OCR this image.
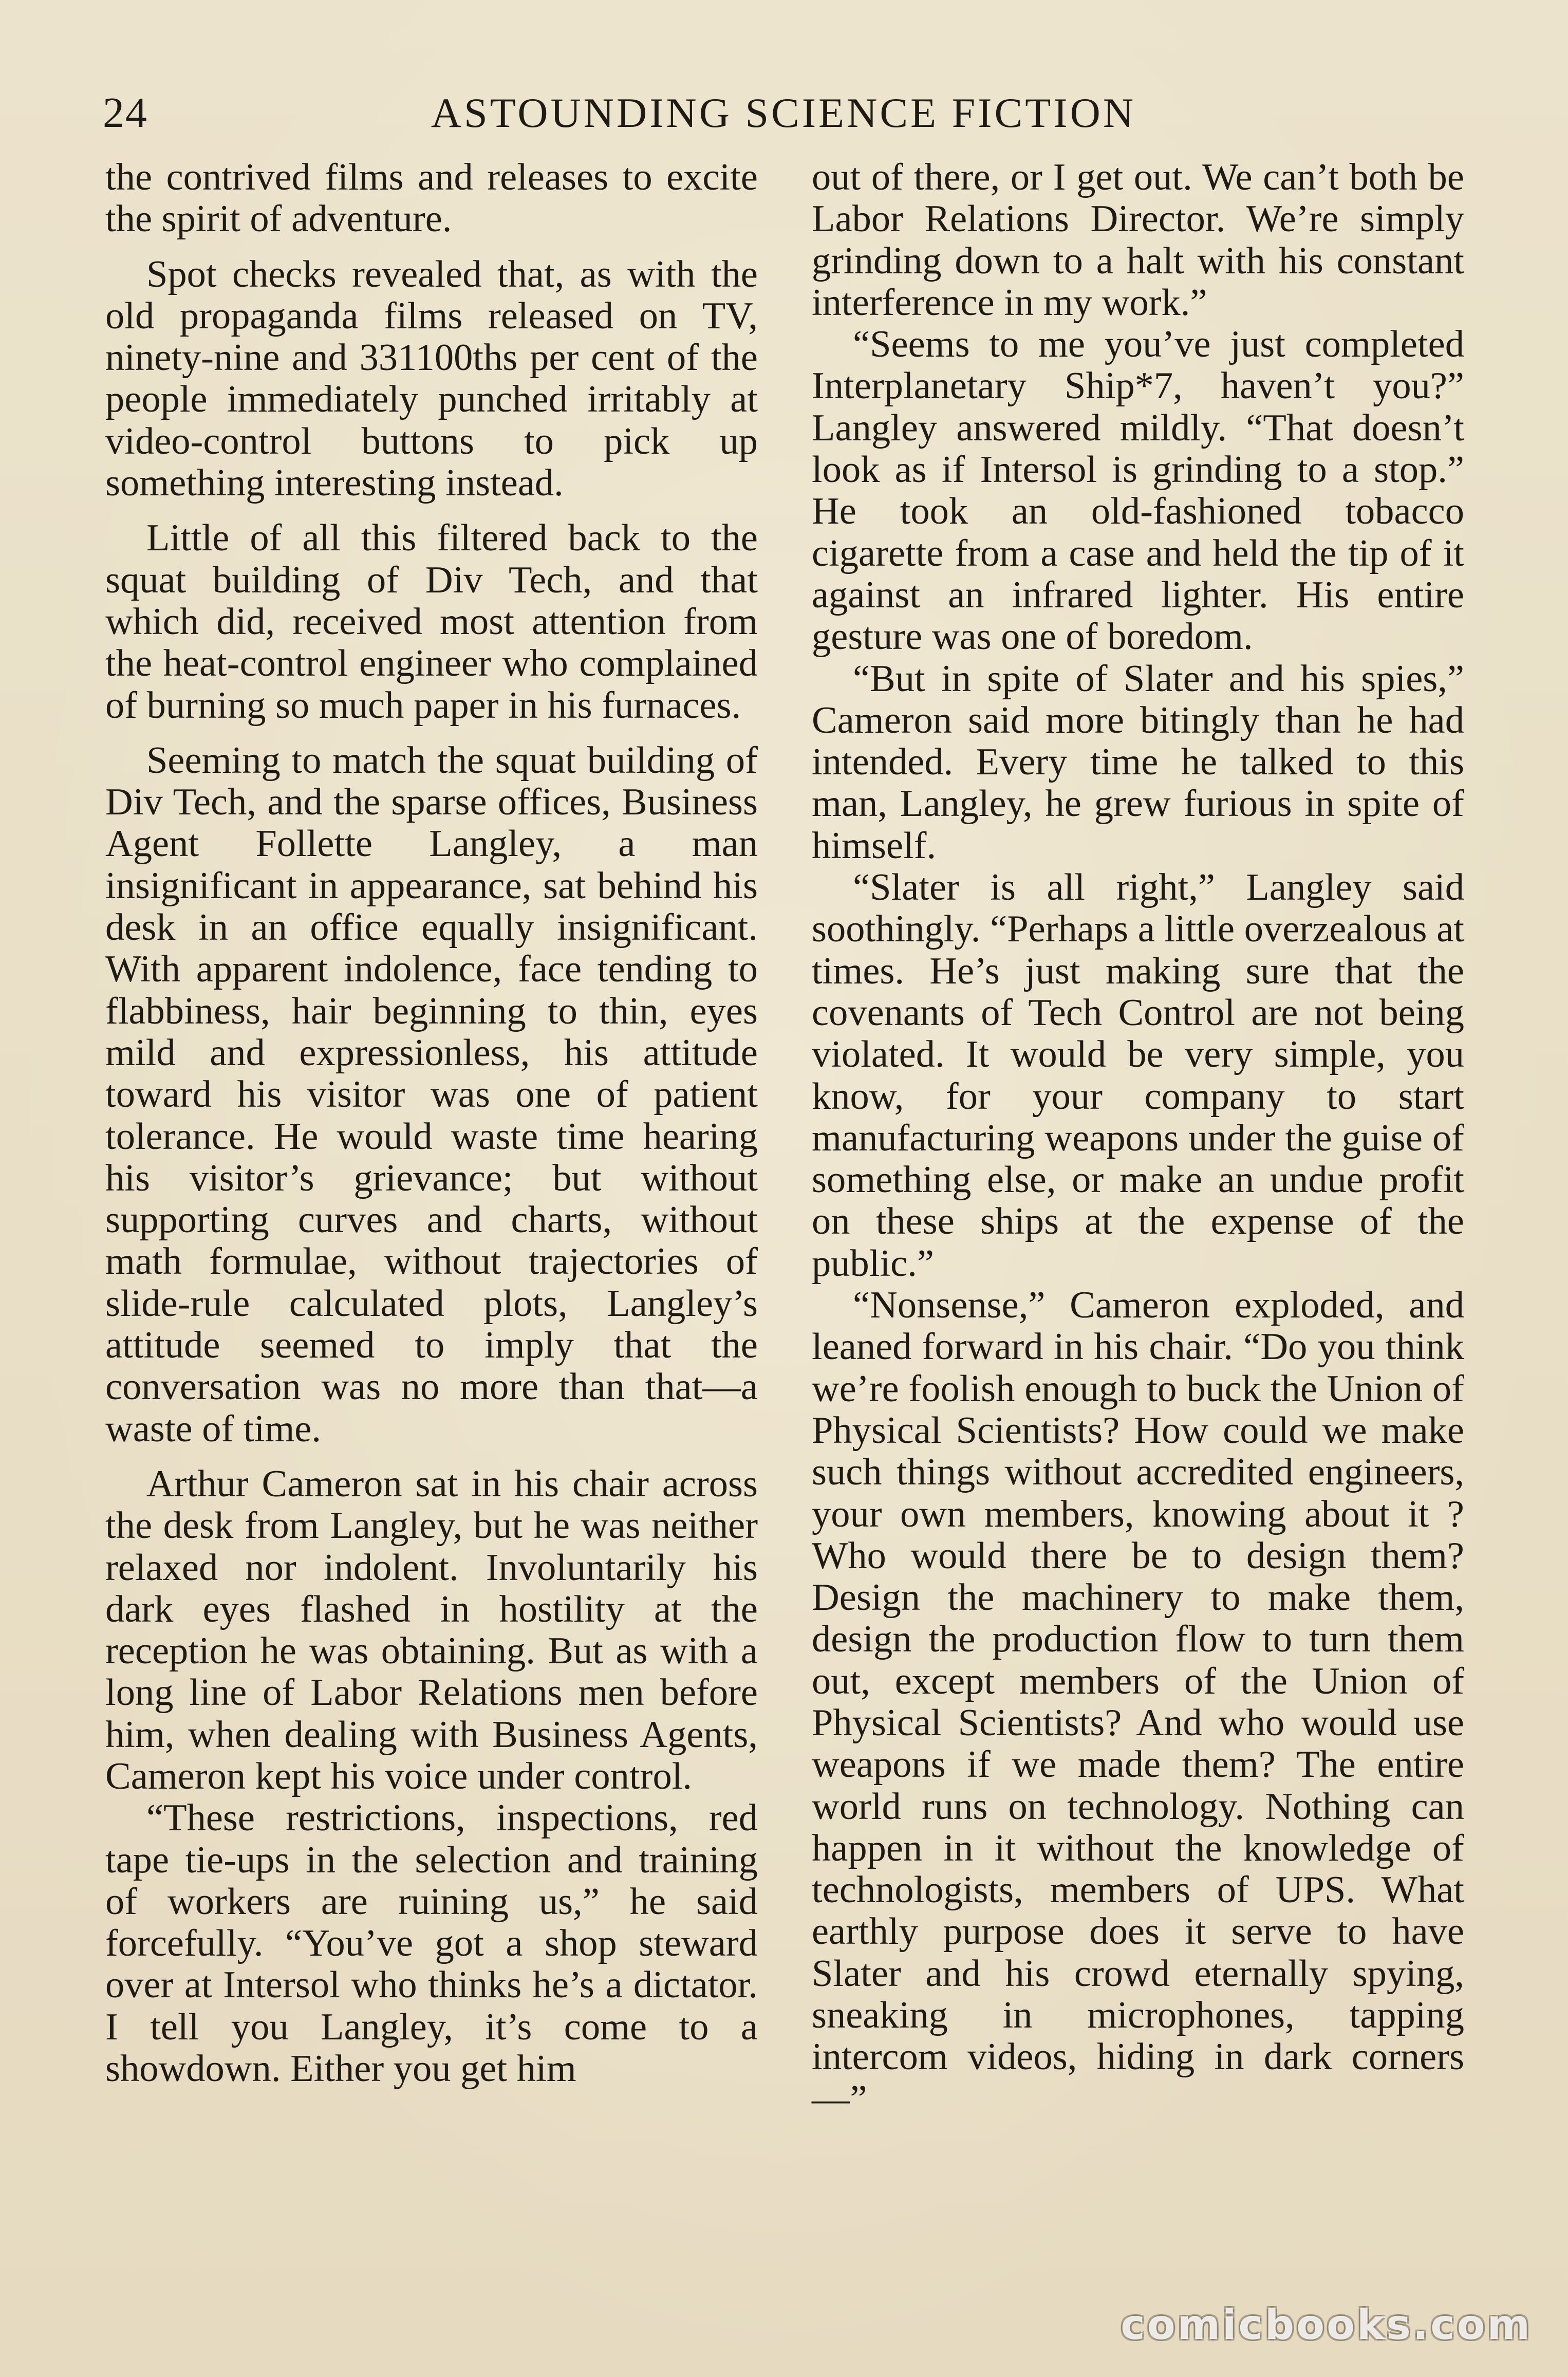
24	ASTOUNDING SCIENCE FICTION

the contrived films and releases to excite the spirit of adventure.

Spot checks revealed that, as with the old propaganda films released on TV, ninety-nine and 331100ths per cent of the people immediately punched irritably at video-control buttons to pick up something interesting instead.

Little of all this filtered back to the squat building of Div Tech, and that which did, received most attention from the heat-control engineer who complained of burning so much paper in his furnaces.

Seeming to match the squat building of Div Tech, and the sparse offices, Business Agent Follette Langley, a man insignificant in appearance, sat behind his desk in an office equally insignificant. With apparent indolence, face tending to flabbiness, hair beginning to thin, eyes mild and expressionless, his attitude toward his visitor was one of patient tolerance. He would waste time hearing his visitor’s grievance; but without supporting curves and charts, without math formulae, without trajectories of slide-rule calculated plots, Langley’s attitude seemed to imply that the conversation was no more than that—a waste of time.

Arthur Cameron sat in his chair across the desk from Langley, but he was neither relaxed nor indolent. Involuntarily his dark eyes flashed in hostility at the reception he was obtaining. But as with a long line of Labor Relations men before him, when dealing with Business Agents, Cameron kept his voice under control.

“These restrictions, inspections, red tape tie-ups in the selection and training of workers are ruining us,” he said forcefully. “You’ve got a shop steward over at Intersol who thinks he’s a dictator. I tell you Langley, it’s come to a showdown. Either you get him

out of there, or I get out. We can’t both be Labor Relations Director. We’re simply grinding down to a halt with his constant interference in my work.”

“Seems to me you’ve just completed Interplanetary Ship*7, haven’t you?” Langley answered mildly. “That doesn’t look as if Intersol is grinding to a stop.” He took an old-fashioned tobacco cigarette from a case and held the tip of it against an infrared lighter. His entire gesture was one of boredom.

“But in spite of Slater and his spies,” Cameron said more bitingly than he had intended. Every time he talked to this man, Langley, he grew furious in spite of himself.

“Slater is all right,” Langley said soothingly. “Perhaps a little overzealous at times. He’s just making sure that the covenants of Tech Control are not being violated. It would be very simple, you know, for your company to start manufacturing weapons under the guise of something else, or make an undue profit on these ships at the expense of the public.”

“Nonsense,” Cameron exploded, and leaned forward in his chair. “Do you think we’re foolish enough to buck the Union of Physical Scientists? How could we make such things without accredited engineers, your own members, knowing about it ? Who would there be to design them? Design the machinery to make them, design the production flow to turn them out, except members of the Union of Physical Scientists? And who would use weapons if we made them? The entire world runs on technology. Nothing can happen in it without the knowledge of technologists, members of UPS. What earthly purpose does it serve to have Slater and his crowd eternally spying, sneaking in microphones, tapping intercom videos, hiding in dark corners—”

comicbooks.com
